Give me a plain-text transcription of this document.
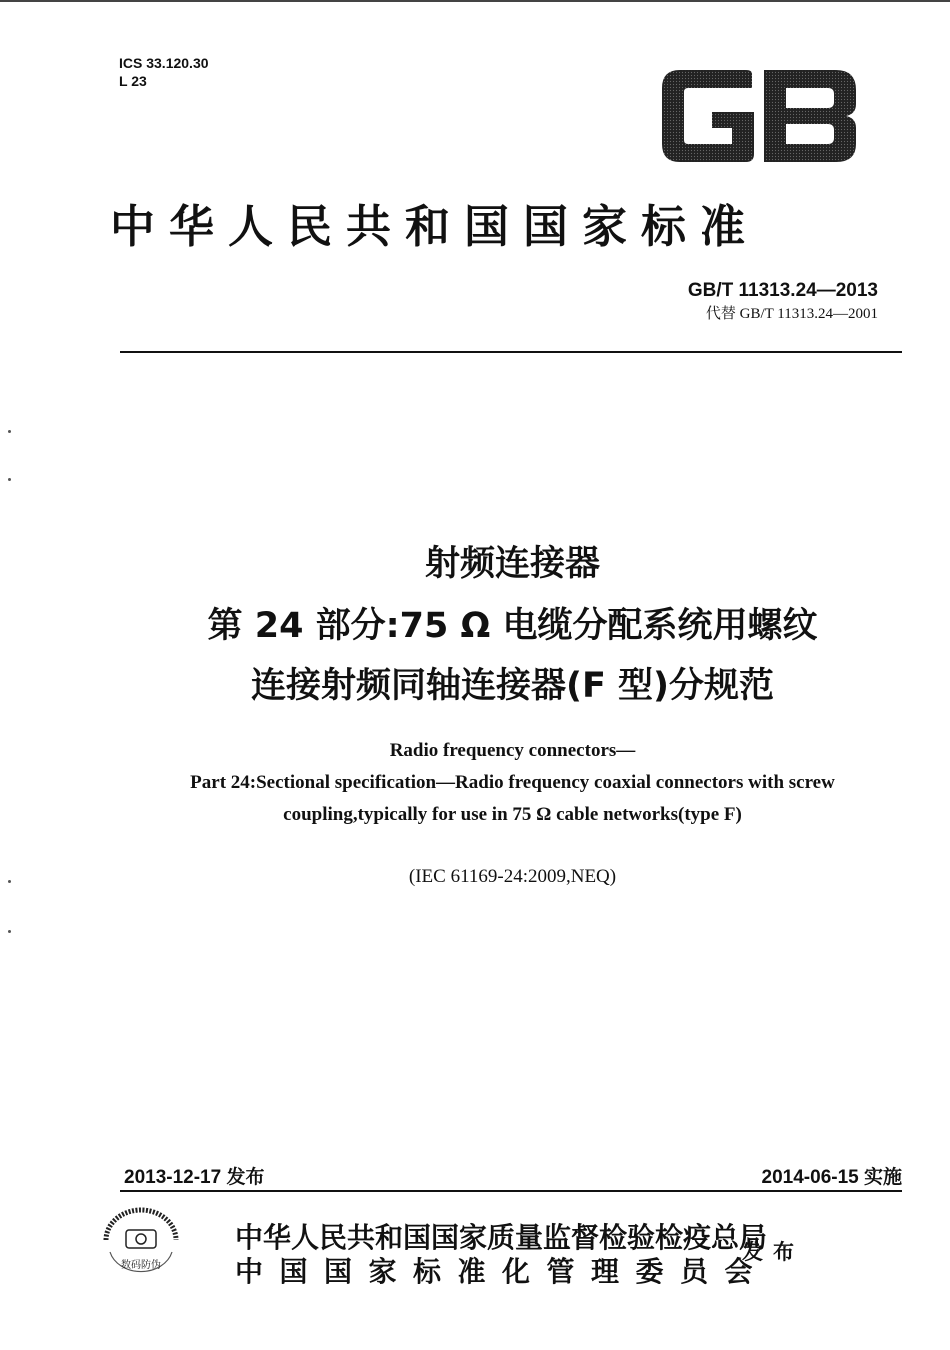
ICS 33.120.30
L 23
中华人民共和国国家标准
GB/T 11313.24—2013
代替 GB/T 11313.24—2001
射频连接器
第 24 部分:75 Ω 电缆分配系统用螺纹
连接射频同轴连接器(F 型)分规范
Radio frequency connectors—
Part 24:Sectional specification—Radio frequency coaxial connectors with screw
coupling,typically for use in 75 Ω cable networks(type F)
(IEC 61169-24:2009,NEQ)
2013-12-17 发布	2014-06-15 实施
数码防伪
中华人民共和国国家质量监督检验检疫总局
中国国家标准化管理委员会
发布
